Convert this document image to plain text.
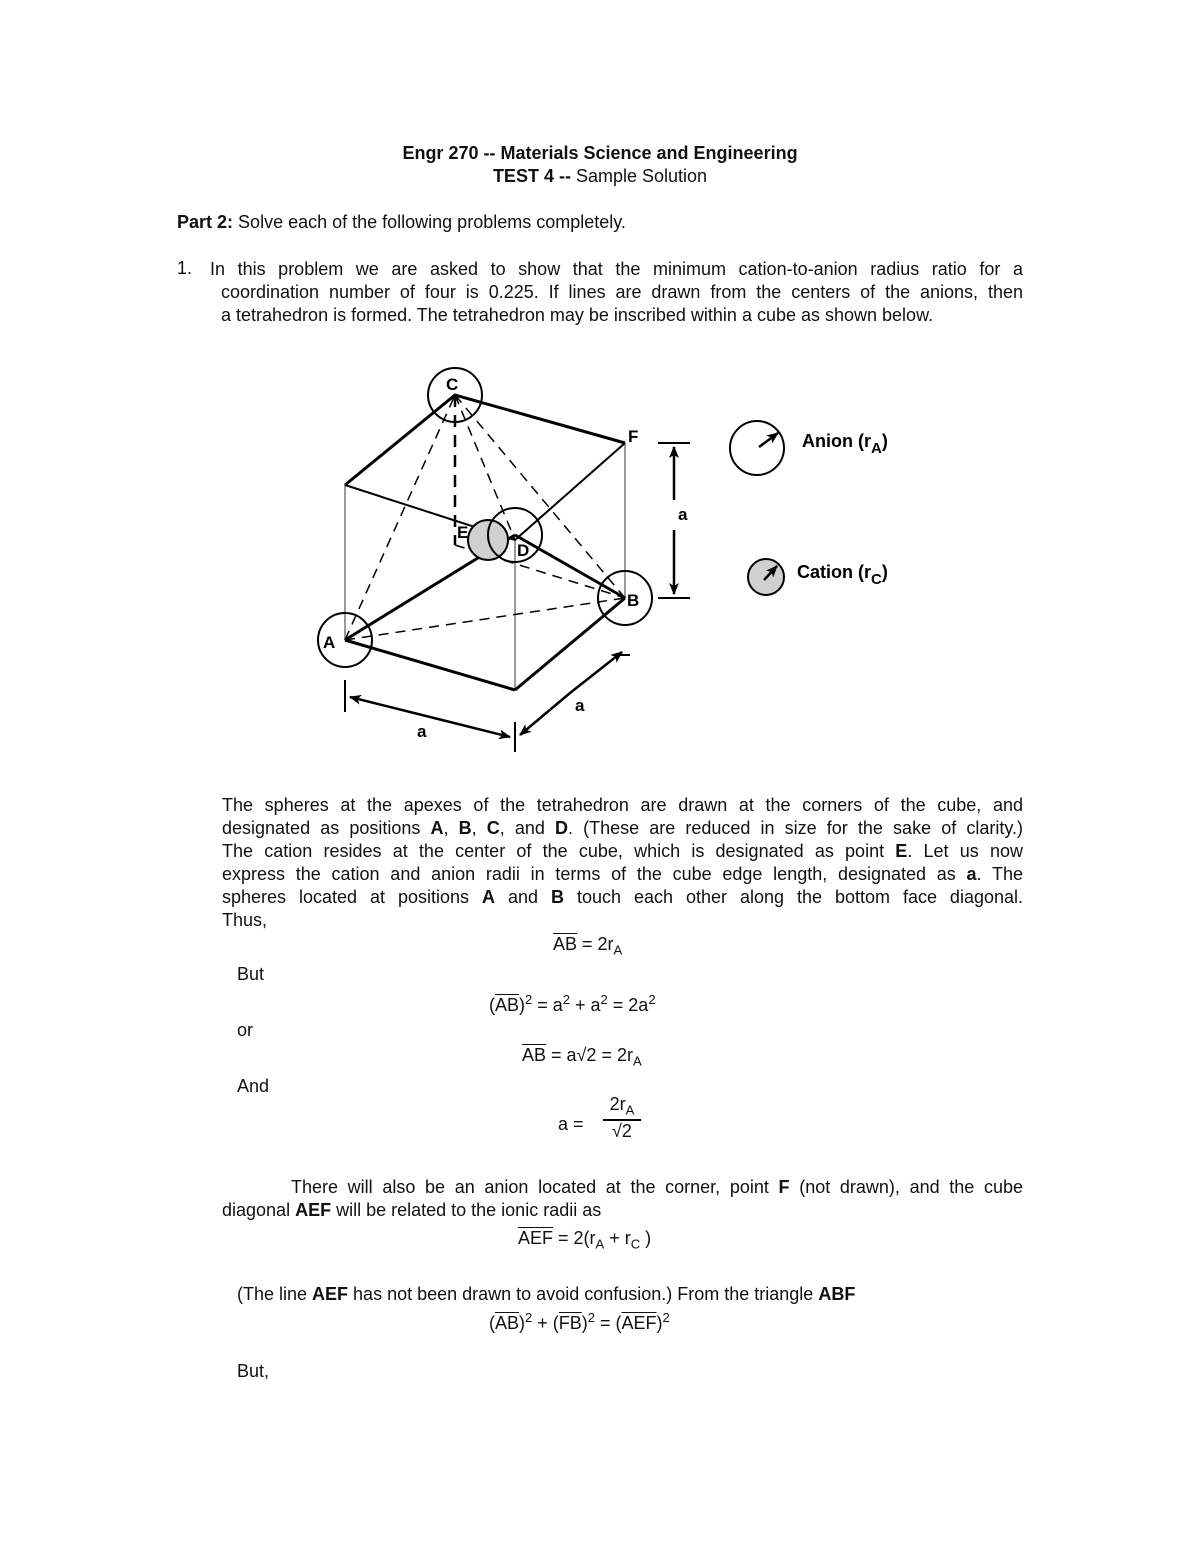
Engr 270 -- Materials Science and Engineering
TEST 4 -- Sample Solution
Part 2: Solve each of the following problems completely.
1. In this problem we are asked to show that the minimum cation-to-anion radius ratio for a
coordination number of four is 0.225. If lines are drawn from the centers of the anions, then
a tetrahedron is formed. The tetrahedron may be inscribed within a cube as shown below.
C
F
E
D
B
A
a
a
a
Anion $(r_A)$
Cation $(r_C)$
The spheres at the apexes of the tetrahedron are drawn at the corners of the cube, and
designated as positions A, B, C, and D. (These are reduced in size for the sake of clarity.)
The cation resides at the center of the cube, which is designated as point E. Let us now
express the cation and anion radii in terms of the cube edge length, designated as a. The
spheres located at positions A and B touch each other along the bottom face diagonal.
Thus,
$\overline{AB} = 2r_A$
But
$(\overline{AB})^2 = a^2 + a^2 = 2a^2$
or
$\overline{AB} = a√2 = 2r_A$
And
$a = \frac{2r_A}{√2}$
There will also be an anion located at the corner, point F (not drawn), and the cube
diagonal AEF will be related to the ionic radii as
$\overline{AEF} = 2(r_A + r_C$ )
(The line AEF has not been drawn to avoid confusion.) From the triangle ABF
$(\overline{AB})^2 + (\overline{FB})^2 = (\overline{AEF})^2$
But,
